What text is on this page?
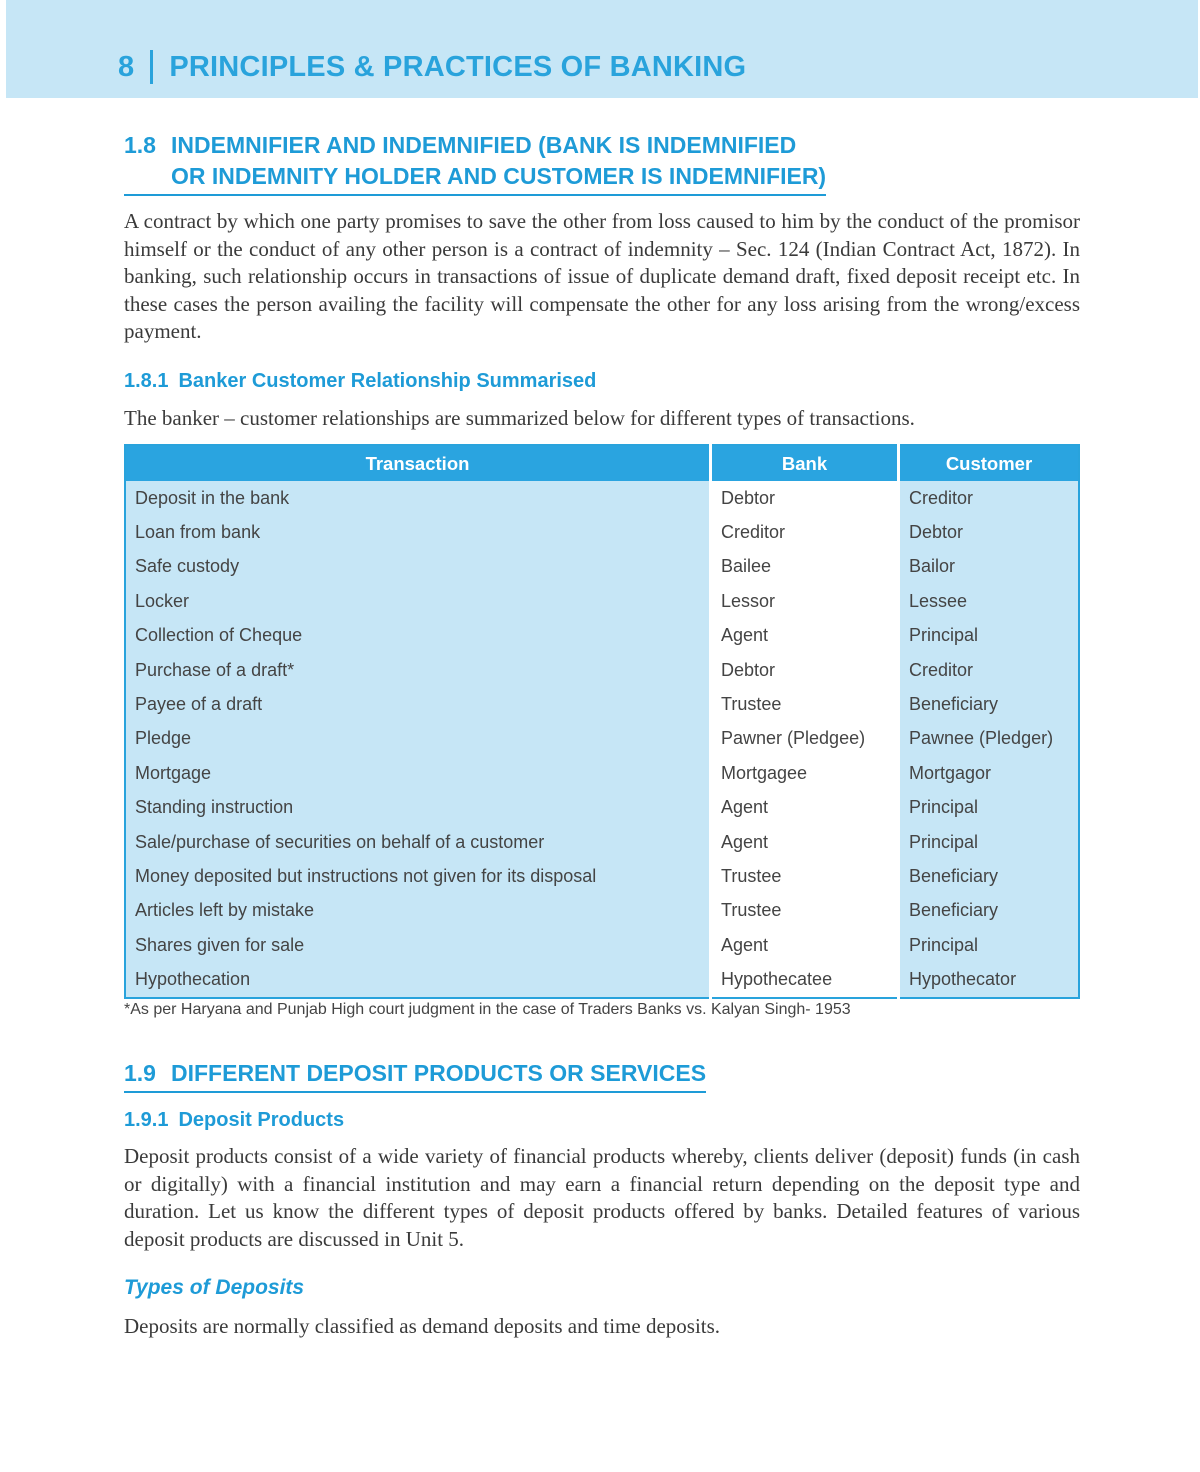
8 PRINCIPLES & PRACTICES OF BANKING
1.8 INDEMNIFIER AND INDEMNIFIED (BANK IS INDEMNIFIED
OR INDEMNITY HOLDER AND CUSTOMER IS INDEMNIFIER)

A contract by which one party promises to save the other from loss caused to him by the conduct of the promisor himself or the conduct of any other person is a contract of indemnity – Sec. 124 (Indian Contract Act, 1872). In banking, such relationship occurs in transactions of issue of duplicate demand draft, fixed deposit receipt etc. In these cases the person availing the facility will compensate the other for any loss arising from the wrong/excess payment.

1.8.1 Banker Customer Relationship Summarised

The banker – customer relationships are summarized below for different types of transactions.

Transaction	Bank	Customer
Deposit in the bank	Debtor	Creditor
Loan from bank	Creditor	Debtor
Safe custody	Bailee	Bailor
Locker	Lessor	Lessee
Collection of Cheque	Agent	Principal
Purchase of a draft*	Debtor	Creditor
Payee of a draft	Trustee	Beneficiary
Pledge	Pawner (Pledgee)	Pawnee (Pledger)
Mortgage	Mortgagee	Mortgagor
Standing instruction	Agent	Principal
Sale/purchase of securities on behalf of a customer	Agent	Principal
Money deposited but instructions not given for its disposal	Trustee	Beneficiary
Articles left by mistake	Trustee	Beneficiary
Shares given for sale	Agent	Principal
Hypothecation	Hypothecatee	Hypothecator
*As per Haryana and Punjab High court judgment in the case of Traders Banks vs. Kalyan Singh- 1953
1.9 DIFFERENT DEPOSIT PRODUCTS OR SERVICES
1.9.1 Deposit Products

Deposit products consist of a wide variety of financial products whereby, clients deliver (deposit) funds (in cash or digitally) with a financial institution and may earn a financial return depending on the deposit type and duration. Let us know the different types of deposit products offered by banks. Detailed features of various deposit products are discussed in Unit 5.

Types of Deposits

Deposits are normally classified as demand deposits and time deposits.
